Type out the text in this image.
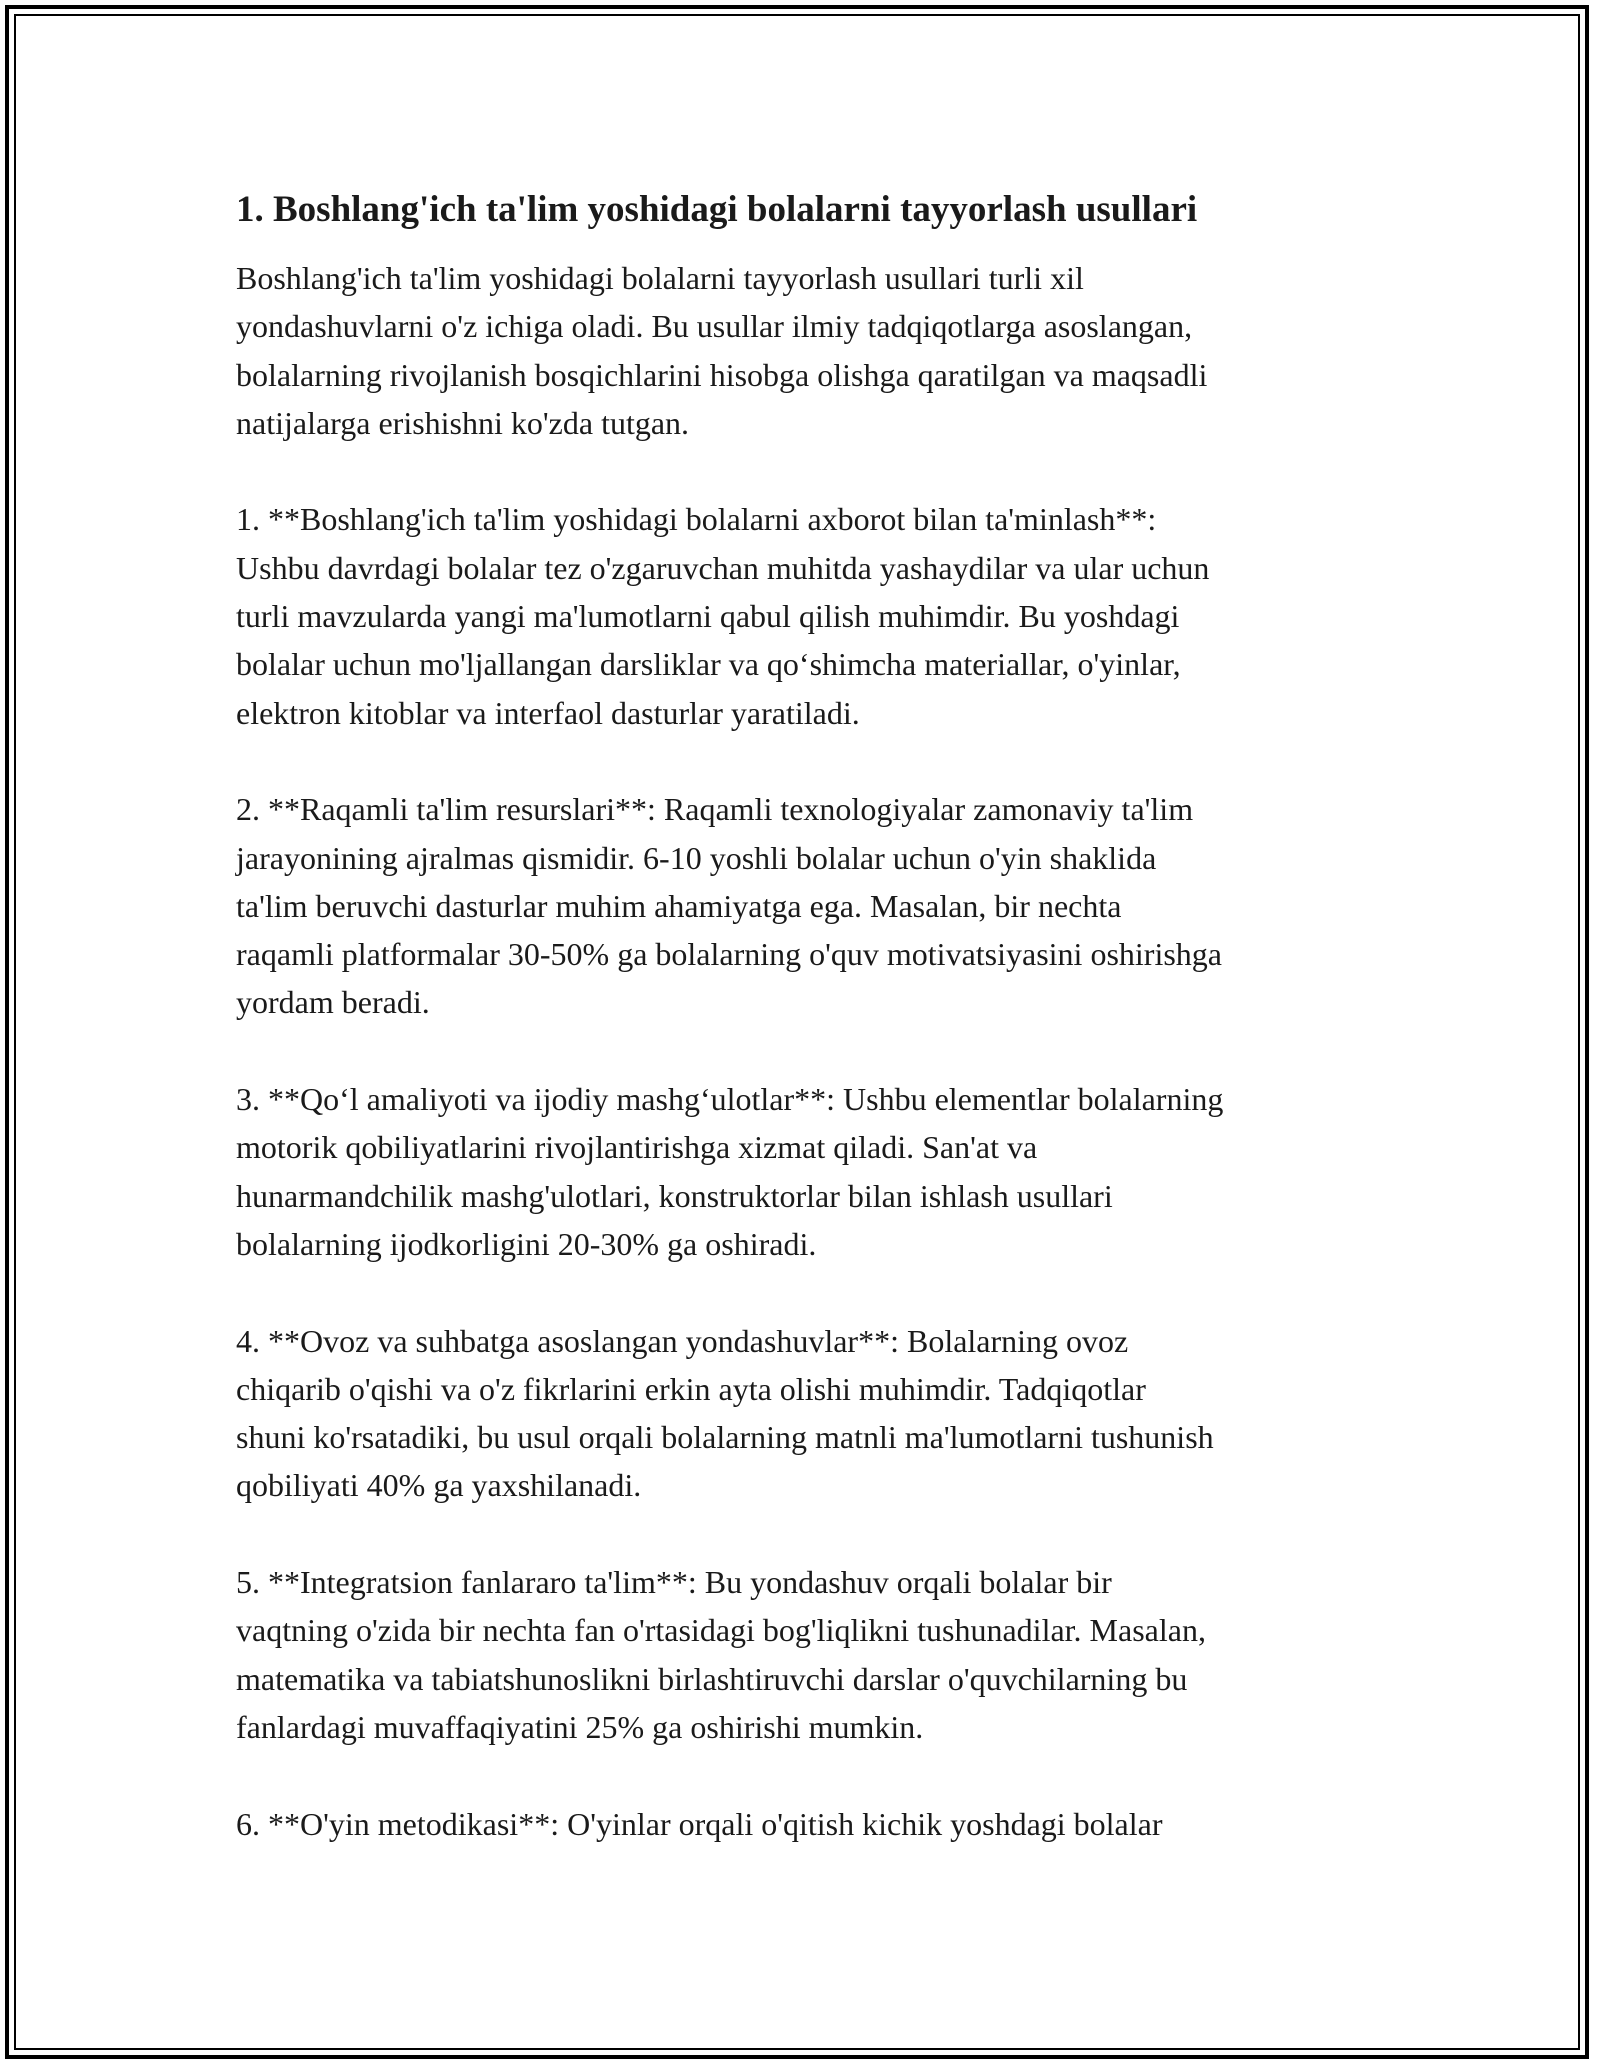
1. Boshlang'ich ta'lim yoshidagi bolalarni tayyorlash usullari

Boshlang'ich ta'lim yoshidagi bolalarni tayyorlash usullari turli xil
yondashuvlarni o'z ichiga oladi. Bu usullar ilmiy tadqiqotlarga asoslangan,
bolalarning rivojlanish bosqichlarini hisobga olishga qaratilgan va maqsadli
natijalarga erishishni ko'zda tutgan.

1. **Boshlang'ich ta'lim yoshidagi bolalarni axborot bilan ta'minlash**:
Ushbu davrdagi bolalar tez o'zgaruvchan muhitda yashaydilar va ular uchun
turli mavzularda yangi ma'lumotlarni qabul qilish muhimdir. Bu yoshdagi
bolalar uchun mo'ljallangan darsliklar va qo‘shimcha materiallar, o'yinlar,
elektron kitoblar va interfaol dasturlar yaratiladi.

2. **Raqamli ta'lim resurslari**: Raqamli texnologiyalar zamonaviy ta'lim
jarayonining ajralmas qismidir. 6-10 yoshli bolalar uchun o'yin shaklida
ta'lim beruvchi dasturlar muhim ahamiyatga ega. Masalan, bir nechta
raqamli platformalar 30-50% ga bolalarning o'quv motivatsiyasini oshirishga
yordam beradi.

3. **Qo‘l amaliyoti va ijodiy mashg‘ulotlar**: Ushbu elementlar bolalarning
motorik qobiliyatlarini rivojlantirishga xizmat qiladi. San'at va
hunarmandchilik mashg'ulotlari, konstruktorlar bilan ishlash usullari
bolalarning ijodkorligini 20-30% ga oshiradi.

4. **Ovoz va suhbatga asoslangan yondashuvlar**: Bolalarning ovoz
chiqarib o'qishi va o'z fikrlarini erkin ayta olishi muhimdir. Tadqiqotlar
shuni ko'rsatadiki, bu usul orqali bolalarning matnli ma'lumotlarni tushunish
qobiliyati 40% ga yaxshilanadi.

5. **Integratsion fanlararo ta'lim**: Bu yondashuv orqali bolalar bir
vaqtning o'zida bir nechta fan o'rtasidagi bog'liqlikni tushunadilar. Masalan,
matematika va tabiatshunoslikni birlashtiruvchi darslar o'quvchilarning bu
fanlardagi muvaffaqiyatini 25% ga oshirishi mumkin.

6. **O'yin metodikasi**: O'yinlar orqali o'qitish kichik yoshdagi bolalar
